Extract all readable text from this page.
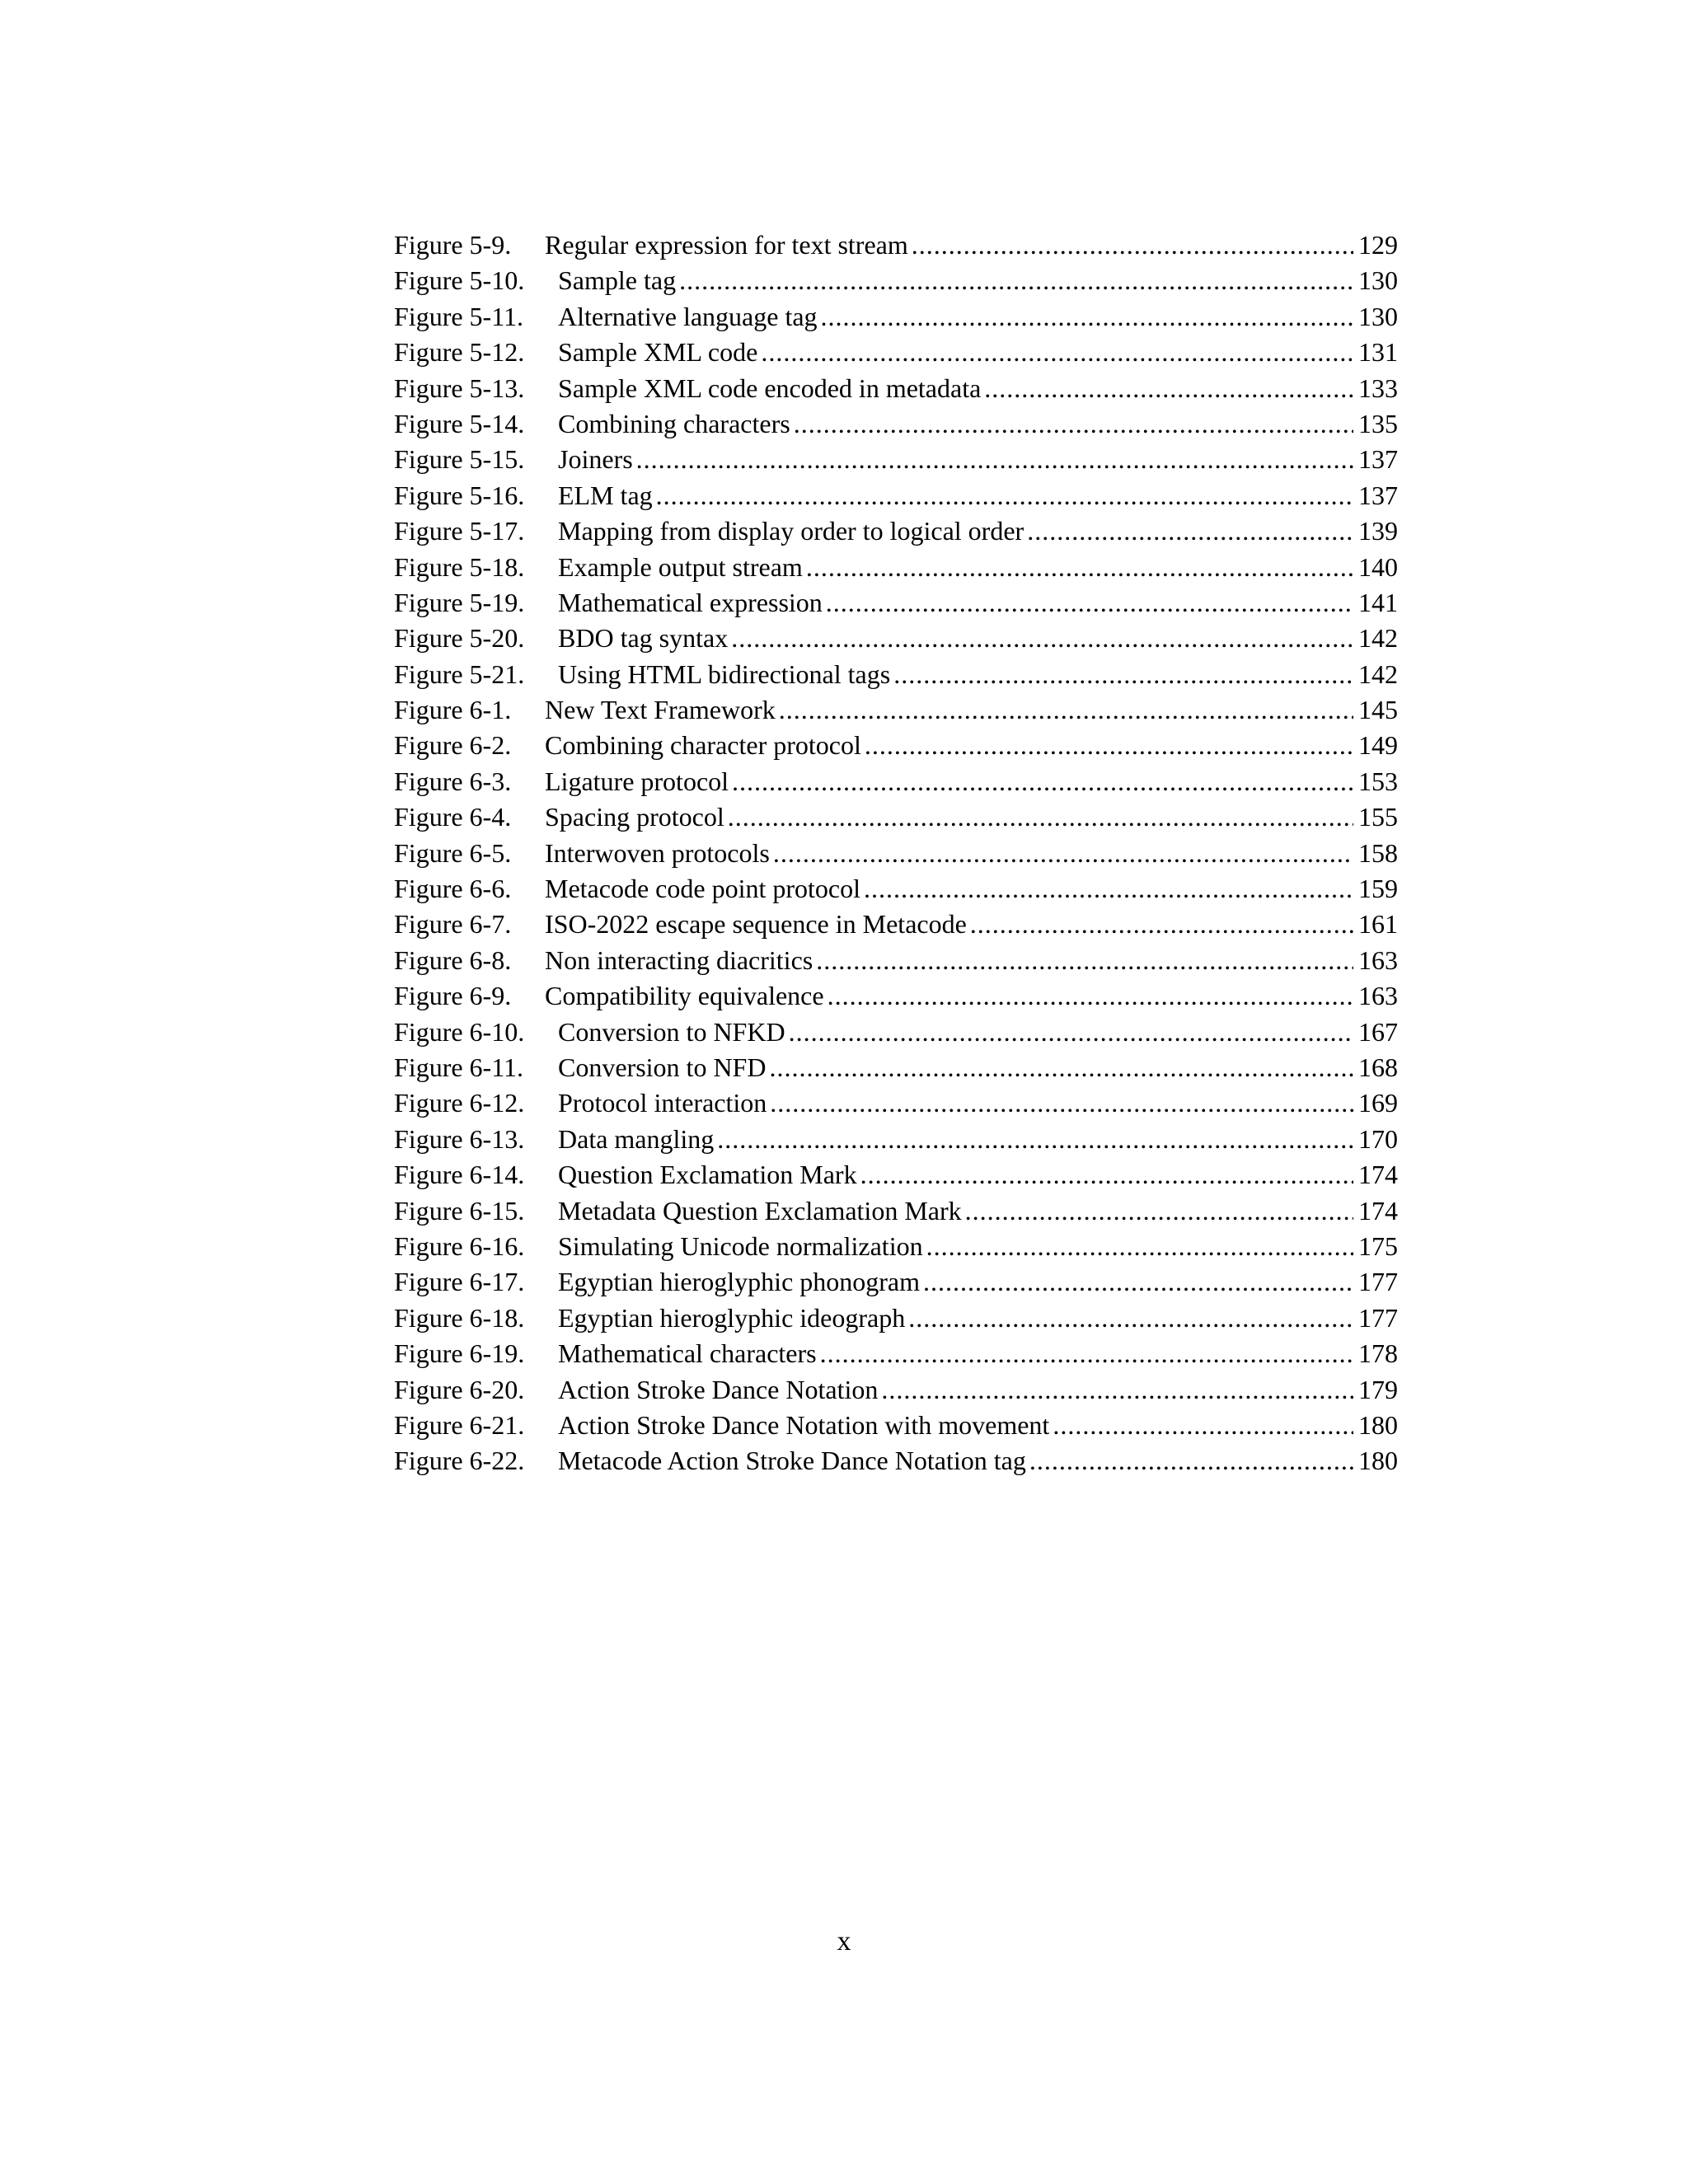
Figure 5-9.	Regular expression for text stream .....	129
Figure 5-10.	Sample tag .....	130
Figure 5-11.	Alternative language tag .....	130
Figure 5-12.	Sample XML code .....	131
Figure 5-13.	Sample XML code encoded in metadata .....	133
Figure 5-14.	Combining characters .....	135
Figure 5-15.	Joiners .....	137
Figure 5-16.	ELM tag .....	137
Figure 5-17.	Mapping from display order to logical order .....	139
Figure 5-18.	Example output stream .....	140
Figure 5-19.	Mathematical expression .....	141
Figure 5-20.	BDO tag syntax .....	142
Figure 5-21.	Using HTML bidirectional tags .....	142
Figure 6-1.	New Text Framework .....	145
Figure 6-2.	Combining character protocol .....	149
Figure 6-3.	Ligature protocol .....	153
Figure 6-4.	Spacing protocol .....	155
Figure 6-5.	Interwoven protocols .....	158
Figure 6-6.	Metacode code point protocol .....	159
Figure 6-7.	ISO-2022 escape sequence in Metacode .....	161
Figure 6-8.	Non interacting diacritics .....	163
Figure 6-9.	Compatibility equivalence .....	163
Figure 6-10.	Conversion to NFKD .....	167
Figure 6-11.	Conversion to NFD .....	168
Figure 6-12.	Protocol interaction .....	169
Figure 6-13.	Data mangling .....	170
Figure 6-14.	Question Exclamation Mark .....	174
Figure 6-15.	Metadata Question Exclamation Mark .....	174
Figure 6-16.	Simulating Unicode normalization .....	175
Figure 6-17.	Egyptian hieroglyphic phonogram .....	177
Figure 6-18.	Egyptian hieroglyphic ideograph .....	177
Figure 6-19.	Mathematical characters .....	178
Figure 6-20.	Action Stroke Dance Notation .....	179
Figure 6-21.	Action Stroke Dance Notation with movement .....	180
Figure 6-22.	Metacode Action Stroke Dance Notation tag .....	180
x
